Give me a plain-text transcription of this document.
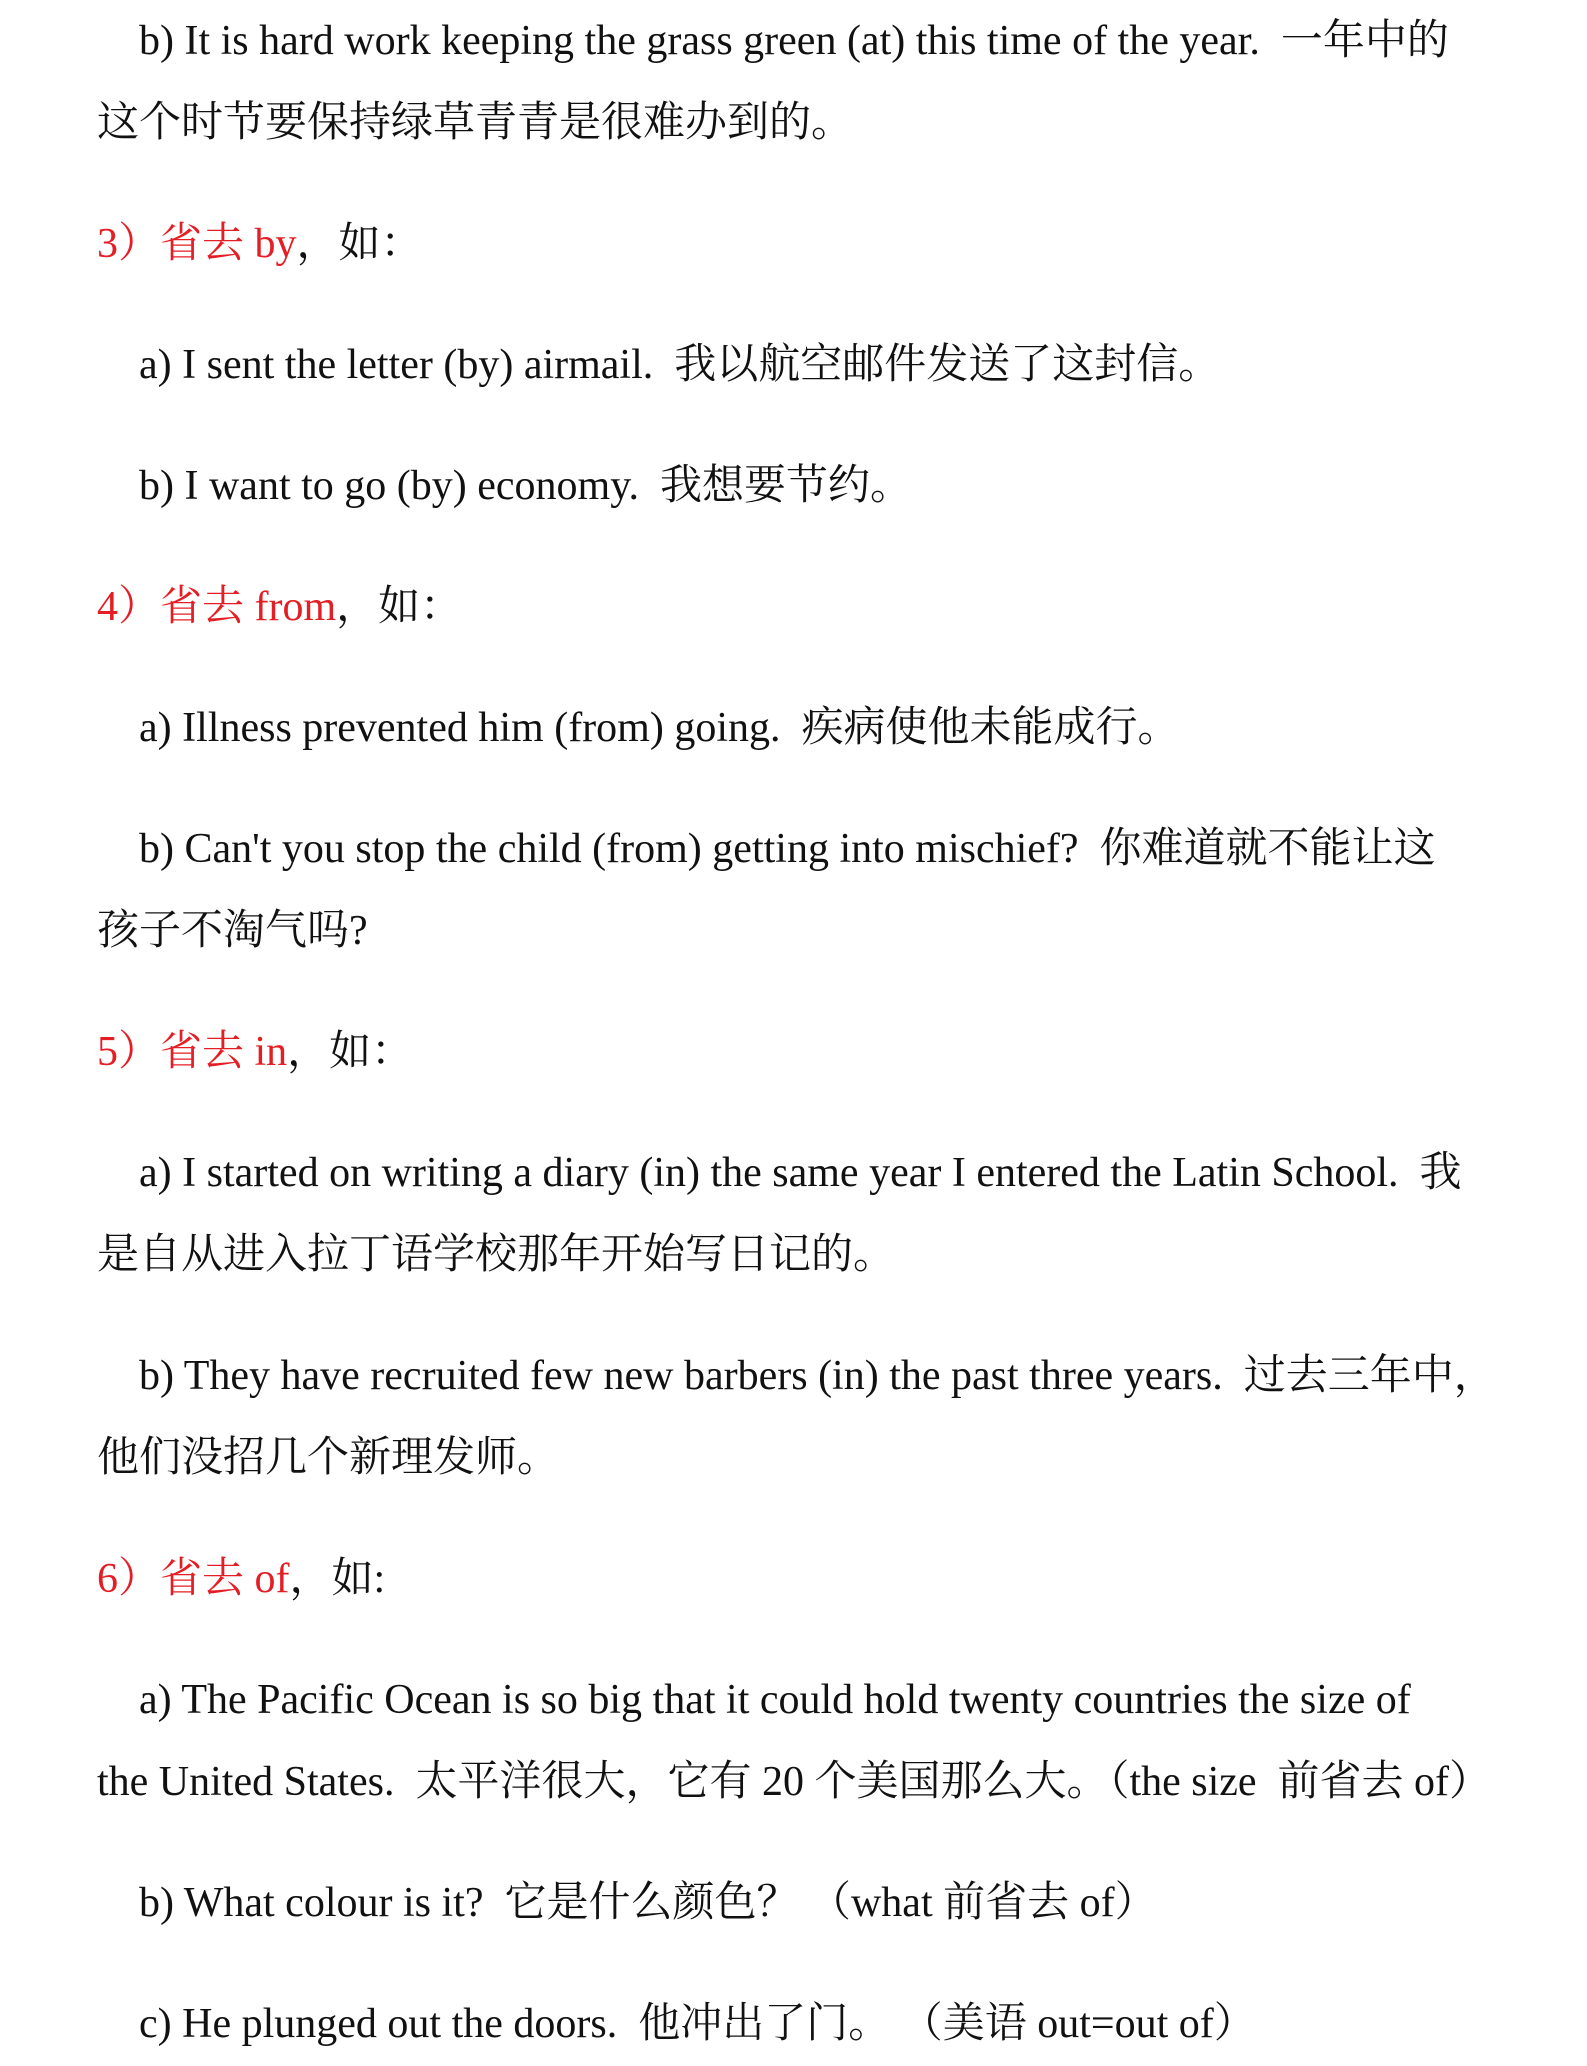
b) It is hard work keeping the grass green (at) this time of the year.  一年中的
这个时节要保持绿草青青是很难办到的。
3）省去 by，如：
a) I sent the letter (by) airmail.  我以航空邮件发送了这封信。
b) I want to go (by) economy.  我想要节约。
4）省去 from，如：
a) Illness prevented him (from) going.  疾病使他未能成行。
b) Can't you stop the child (from) getting into mischief?  你难道就不能让这
孩子不淘气吗?
5）省去 in，如：
a) I started on writing a diary (in) the same year I entered the Latin School.  我
是自从进入拉丁语学校那年开始写日记的。
b) They have recruited few new barbers (in) the past three years.  过去三年中，
他们没招几个新理发师。
6）省去 of，如:
a) The Pacific Ocean is so big that it could hold twenty countries the size of
the United States.  太平洋很大，它有 20 个美国那么大。（the size  前省去 of）
b) What colour is it?  它是什么颜色？ （what 前省去 of）
c) He plunged out the doors.  他冲出了门。 （美语 out=out of）
